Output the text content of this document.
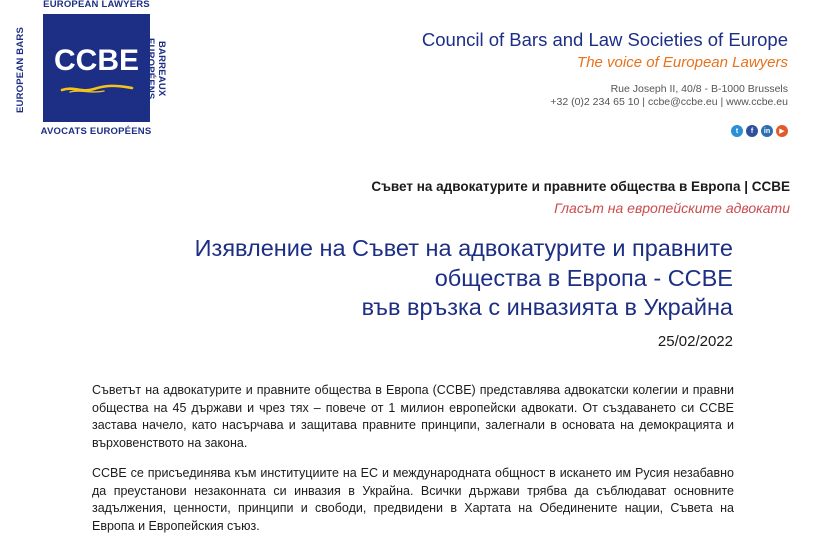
EUROPEAN LAWYERS
EUROPEAN BARS CCBE	BARREAUX EUROPÉENS
AVOCATS EUROPÉENS
Council of Bars and Law Societies of Europe
The voice of European Lawyers
Rue Joseph II, 40/8 - B-1000 Brussels
+32 (0)2 234 65 10 | ccbe@ccbe.eu | www.ccbe.eu
t	f	in	▶
Съвет на адвокатурите и правните общества в Европа | CCBE
Гласът на европейските адвокати
Изявление на Съвет на адвокатурите и правните
общества в Европа - CCBE
във връзка с инвазията в Украйна
25/02/2022

Съветът на адвокатурите и правните общества в Европа (CCBE) представлява адвокатски колегии и правни общества на 45 държави и чрез тях – повече от 1 милион европейски адвокати. От създаването си CCBE застава начело, като насърчава и защитава правните принципи, залегнали в основата на демокрацията и върховенството на закона.

CCBE се присъединява към институциите на ЕС и международната общност в искането им Русия незабавно да преустанови незаконната си инвазия в Украйна. Всички държави трябва да съблюдават основните задължения, ценности, принципи и свободи, предвидени в Хартата на Обединените нации, Съвета на Европа и Европейския съюз.
